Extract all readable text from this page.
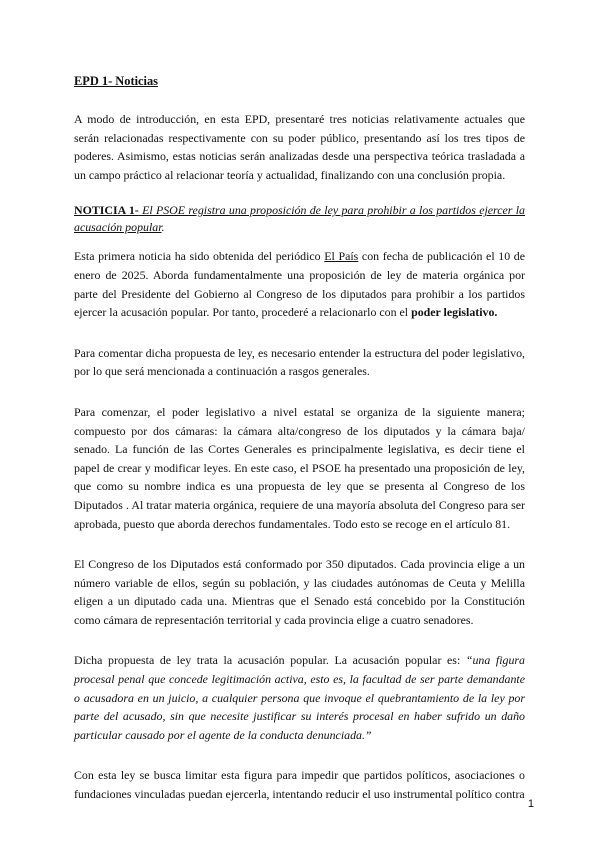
EPD 1- Noticias

A modo de introducción, en esta EPD, presentaré tres noticias relativamente actuales que serán relacionadas respectivamente con su poder público, presentando así los tres tipos de poderes. Asimismo, estas noticias serán analizadas desde una perspectiva teórica trasladada a un campo práctico al relacionar teoría y actualidad, finalizando con una conclusión propia.

NOTICIA 1- El PSOE registra una proposición de ley para prohibir a los partidos ejercer la acusación popular.

Esta primera noticia ha sido obtenida del periódico El País con fecha de publicación el 10 de enero de 2025. Aborda fundamentalmente una proposición de ley de materia orgánica por parte del Presidente del Gobierno al Congreso de los diputados para prohibir a los partidos ejercer la acusación popular. Por tanto, procederé a relacionarlo con el poder legislativo.

Para comentar dicha propuesta de ley, es necesario entender la estructura del poder legislativo, por lo que será mencionada a continuación a rasgos generales.

Para comenzar, el poder legislativo a nivel estatal se organiza de la siguiente manera; compuesto por dos cámaras: la cámara alta/congreso de los diputados y la cámara baja/ senado. La función de las Cortes Generales es principalmente legislativa, es decir tiene el papel de crear y modificar leyes. En este caso, el PSOE ha presentado una proposición de ley, que como su nombre indica es una propuesta de ley que se presenta al Congreso de los Diputados . Al tratar materia orgánica, requiere de una mayoría absoluta del Congreso para ser aprobada, puesto que aborda derechos fundamentales. Todo esto se recoge en el artículo 81.

El Congreso de los Diputados está conformado por 350 diputados. Cada provincia elige a un número variable de ellos, según su población, y las ciudades autónomas de Ceuta y Melilla eligen a un diputado cada una. Mientras que el Senado está concebido por la Constitución como cámara de representación territorial y cada provincia elige a cuatro senadores.

Dicha propuesta de ley trata la acusación popular. La acusación popular es: “una figura procesal penal que concede legitimación activa, esto es, la facultad de ser parte demandante o acusadora en un juicio, a cualquier persona que invoque el quebrantamiento de la ley por parte del acusado, sin que necesite justificar su interés procesal en haber sufrido un daño particular causado por el agente de la conducta denunciada.”

Con esta ley se busca limitar esta figura para impedir que partidos políticos, asociaciones o fundaciones vinculadas puedan ejercerla, intentando reducir el uso instrumental político contra

1
